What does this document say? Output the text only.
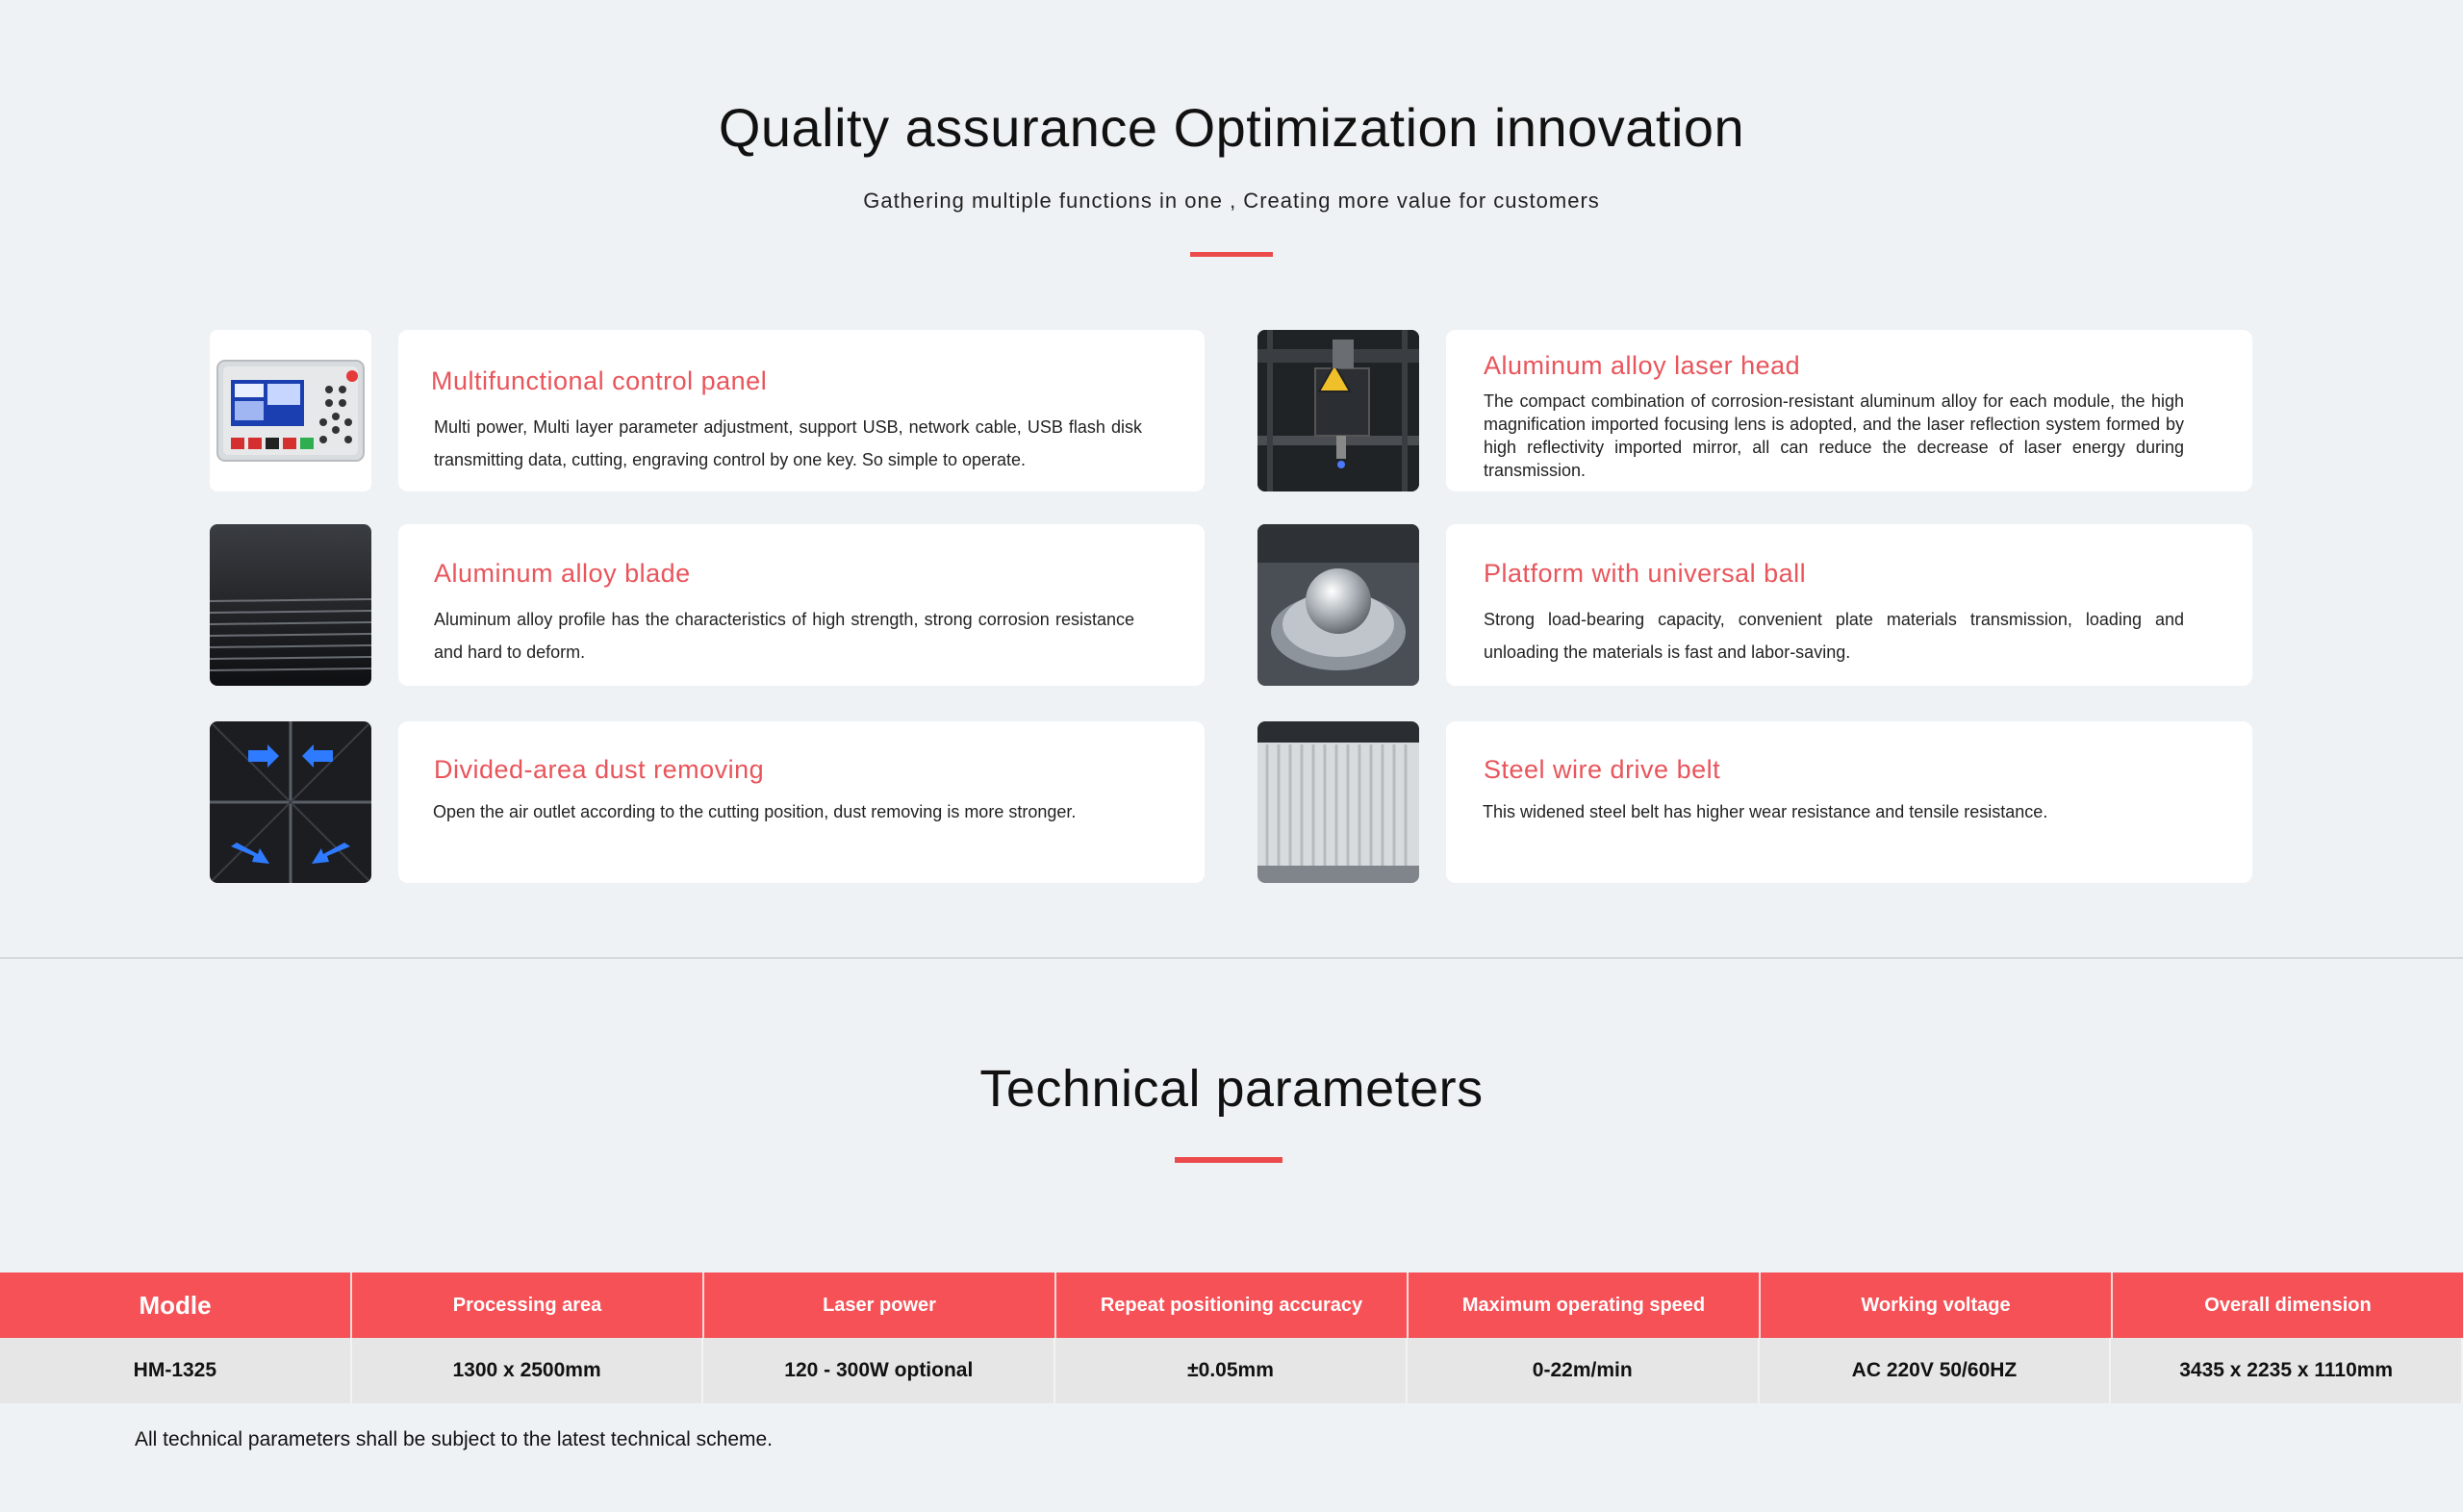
Quality assurance Optimization innovation
Gathering multiple functions in one , Creating more value for customers
Multifunctional control panel
Multi power, Multi layer parameter adjustment, support USB, network cable, USB flash disk transmitting data, cutting, engraving control by one key. So simple to operate.
Aluminum alloy laser head
The compact combination of corrosion-resistant aluminum alloy for each module, the high magnification imported focusing lens is adopted, and the laser reflection system formed by high reflectivity imported mirror, all can reduce the decrease of laser energy during transmission.
Aluminum alloy blade
Aluminum alloy profile has the characteristics of high strength, strong corrosion resistance and hard to deform.
Platform with universal ball
Strong load-bearing capacity, convenient plate materials transmission, loading and unloading the materials is fast and labor-saving.
Divided-area dust removing
Open the air outlet according to the cutting position, dust removing is more stronger.
Steel wire drive belt
This widened steel belt has higher wear resistance and tensile resistance.
Technical parameters
Modle	Processing area	Laser power	Repeat positioning accuracy	Maximum operating speed	Working voltage	Overall dimension
HM-1325	1300 x 2500mm	120 - 300W optional	±0.05mm	0-22m/min	AC 220V 50/60HZ	3435 x 2235 x 1110mm
All technical parameters shall be subject to the latest technical scheme.
